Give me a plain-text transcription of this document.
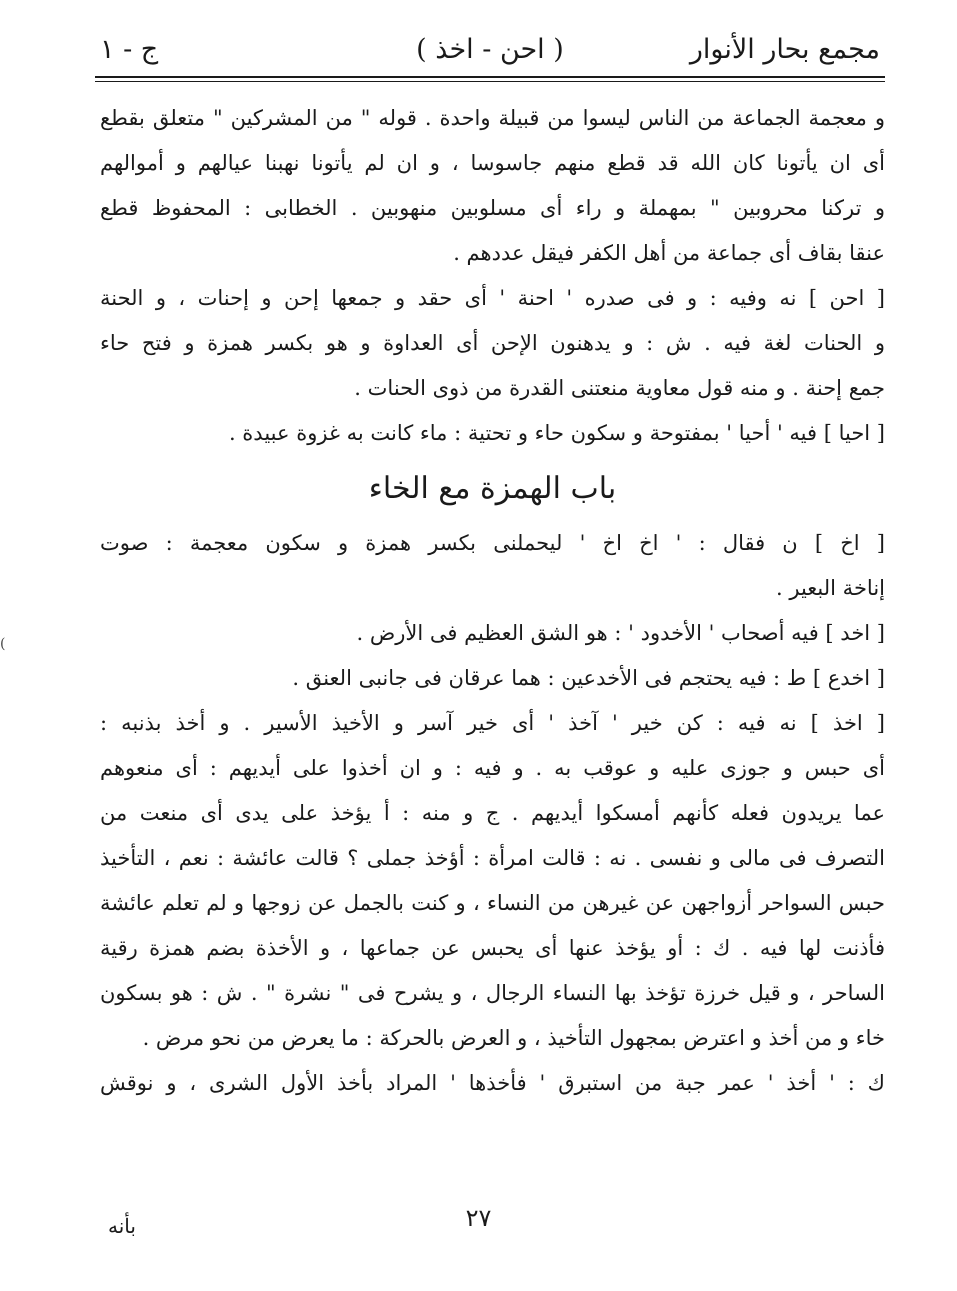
مجمع بحار الأنوار
( احن - اخذ )
ج - ١
و معجمة الجماعة من الناس ليسوا من قبيلة واحدة . قوله " من المشركين " متعلق بقطع
أى ان يأتونا كان الله قد قطع منهم جاسوسا ، و ان لم يأتونا نهبنا عيالهم و أموالهم
و تركنا محروبين " بمهملة و راء أى مسلوبين منهوبين . الخطابى : المحفوظ قطع
عنقا بقاف أى جماعة من أهل الكفر فيقل عددهم .
[ احن ] نه وفيه : و فى صدره ' احنة ' أى حقد و جمعها إحن و إحنات ، و الحنة
و الحنات لغة فيه . ش : و يدهنون الإحن أى العداوة و هو بكسر همزة و فتح حاء
جمع إحنة . و منه قول معاوية منعتنى القدرة من ذوى الحنات .
[ احيا ] فيه ' أحيا ' بمفتوحة و سكون حاء و تحتية : ماء كانت به غزوة عبيدة .
باب الهمزة مع الخاء
[ اخ ] ن فقال : ' اخ اخ ' ليحملنى بكسر همزة و سكون معجمة : صوت
إناخة البعير .
[ اخد ] فيه أصحاب ' الأخدود ' : هو الشق العظيم فى الأرض .
[ اخدع ] ط : فيه يحتجم فى الأخدعين : هما عرقان فى جانبى العنق .
[ اخذ ] نه فيه : كن خير ' آخذ ' أى خير آسر و الأخيذ الأسير . و أخذ بذنبه :
أى حبس و جوزى عليه و عوقب به . و فيه : و ان أخذوا على أيديهم : أى منعوهم
عما يريدون فعله كأنهم أمسكوا أيديهم . ج و منه : أ يؤخذ على يدى أى منعت من
التصرف فى مالى و نفسى . نه : قالت امرأة : أؤخذ جملى ؟ قالت عائشة : نعم ، التأخيذ
حبس السواحر أزواجهن عن غيرهن من النساء ، و كنت بالجمل عن زوجها و لم تعلم عائشة
فأذنت لها فيه . ك : أو يؤخذ عنها أى يحبس عن جماعها ، و الأخذة بضم همزة رقية
الساحر ، و قيل خرزة تؤخذ بها النساء الرجال ، و يشرح فى " نشرة " . ش : هو بسكون
خاء و من أخذ و اعترض بمجهول التأخيذ ، و العرض بالحركة : ما يعرض من نحو مرض .
ك : ' أخذ ' عمر جبة من استبرق ' فأخذها ' المراد بأخذ الأول الشرى ، و نوقش
٢٧
بأنه
(
